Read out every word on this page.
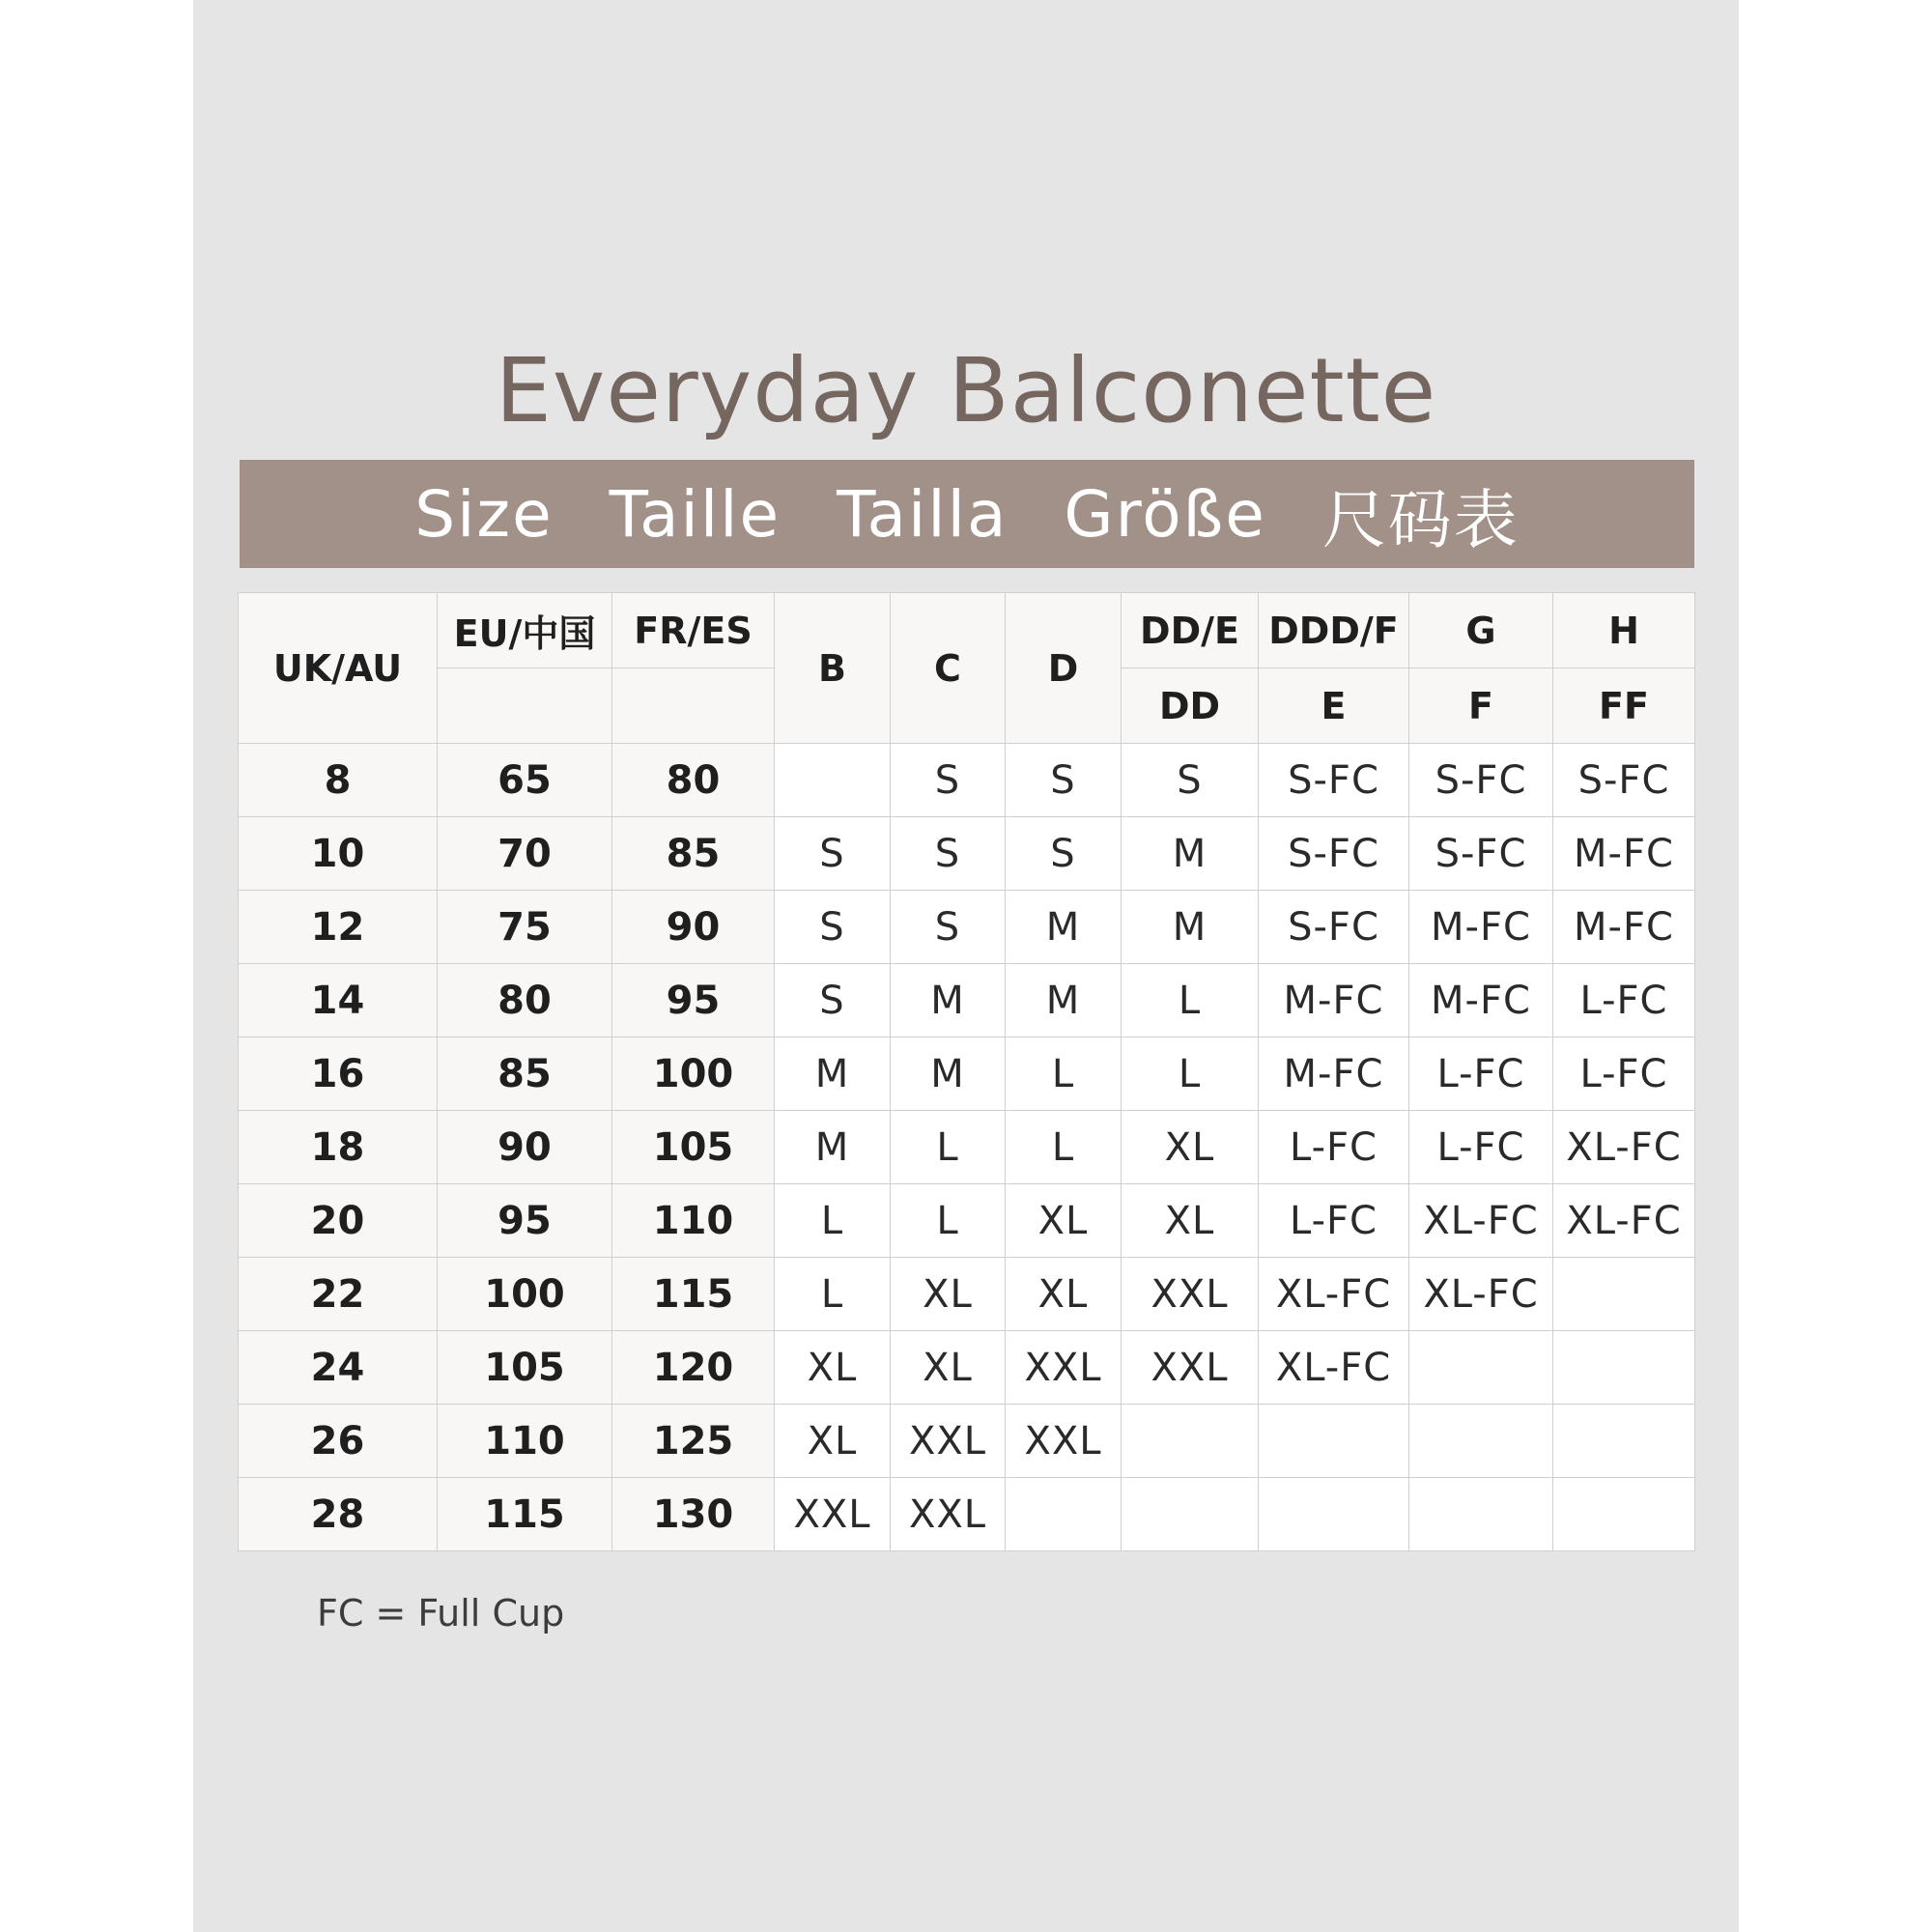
Everyday Balconette
Size Taille Tailla Größe 尺码表
UK/AU	EU/中国	FR/ES	B	C	D	DD/E	DDD/F	G	H
						DD	E	F	FF
8	65	80		S	S	S	S-FC	S-FC	S-FC
10	70	85	S	S	S	M	S-FC	S-FC	M-FC
12	75	90	S	S	M	M	S-FC	M-FC	M-FC
14	80	95	S	M	M	L	M-FC	M-FC	L-FC
16	85	100	M	M	L	L	M-FC	L-FC	L-FC
18	90	105	M	L	L	XL	L-FC	L-FC	XL-FC
20	95	110	L	L	XL	XL	L-FC	XL-FC	XL-FC
22	100	115	L	XL	XL	XXL	XL-FC	XL-FC	
24	105	120	XL	XL	XXL	XXL	XL-FC		
26	110	125	XL	XXL	XXL				
28	115	130	XXL	XXL					
FC = Full Cup
